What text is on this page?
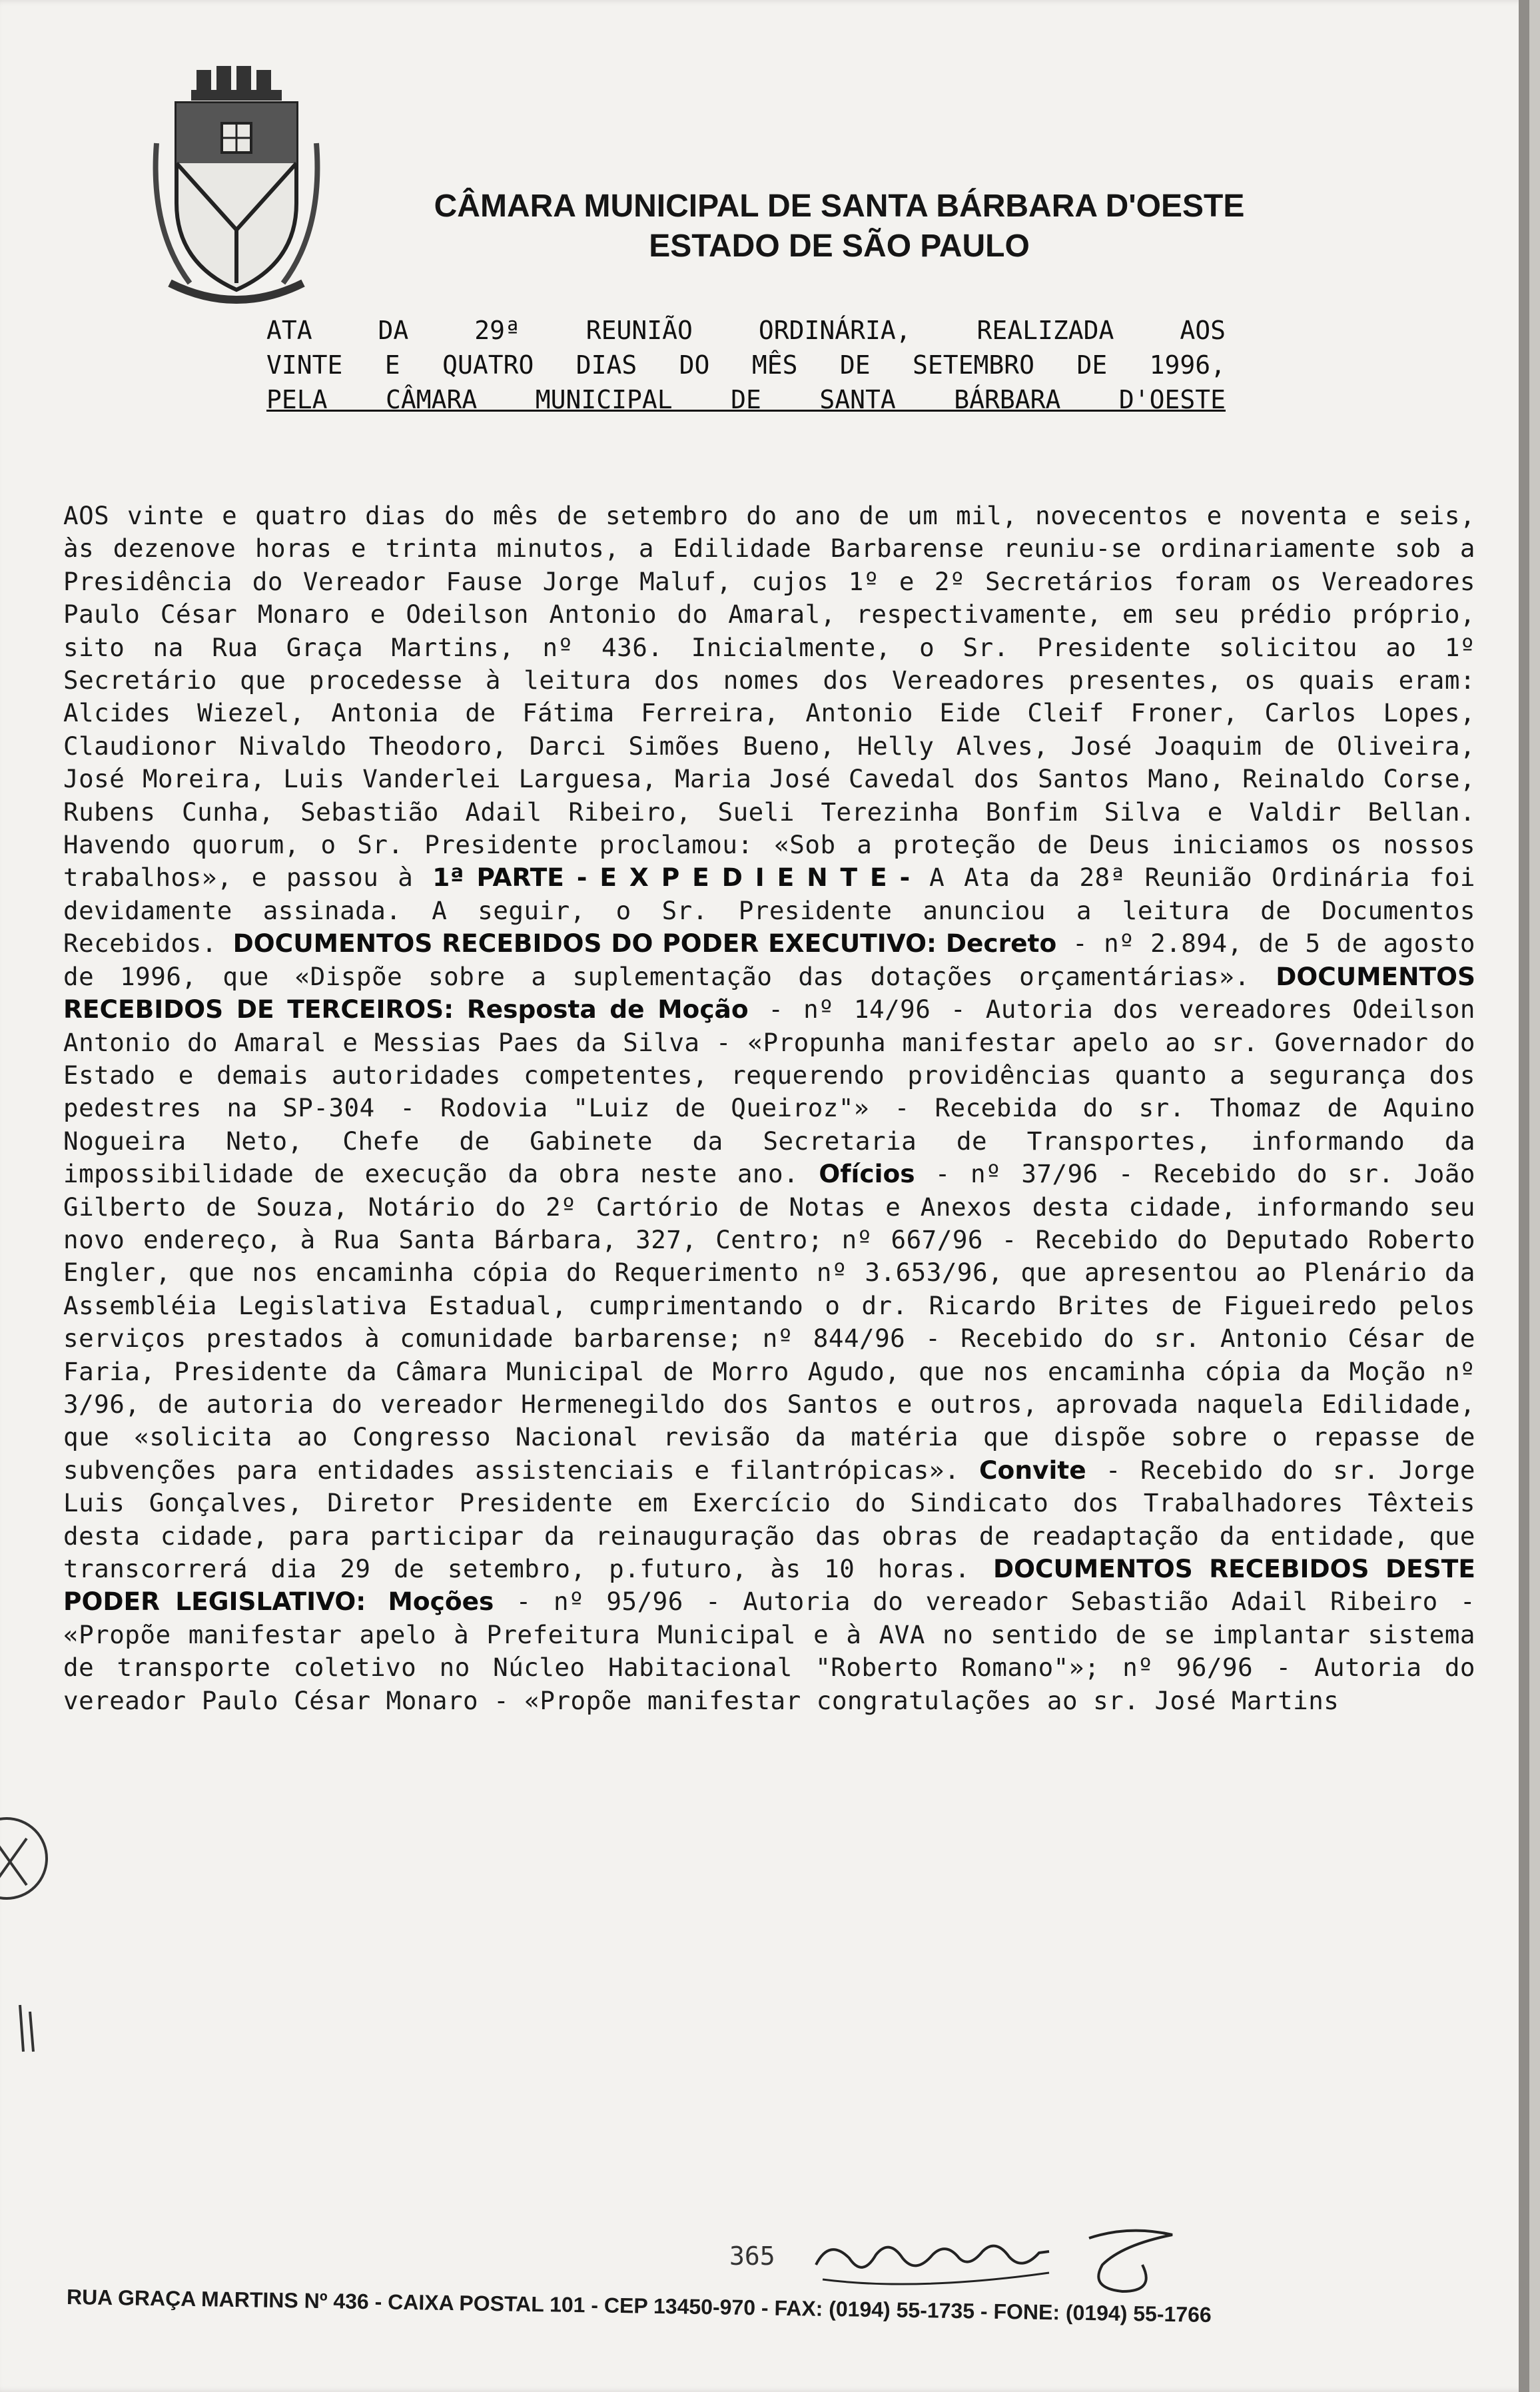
CÂMARA MUNICIPAL DE SANTA BÁRBARA D'OESTE
ESTADO DE SÃO PAULO
ATA DA 29ª REUNIÃO ORDINÁRIA, REALIZADA AOS
VINTE E QUATRO DIAS DO MÊS DE SETEMBRO DE 1996,
PELA CÂMARA MUNICIPAL DE SANTA BÁRBARA D'OESTE
AOS vinte e quatro dias do mês de setembro do ano de um mil, novecentos e noventa e seis, às dezenove horas e trinta minutos, a Edilidade Barbarense reuniu-se ordinariamente sob a Presidência do Vereador Fause Jorge Maluf, cujos 1º e 2º Secretários foram os Vereadores Paulo César Monaro e Odeilson Antonio do Amaral, respectivamente, em seu prédio próprio, sito na Rua Graça Martins, nº 436. Inicialmente, o Sr. Presidente solicitou ao 1º Secretário que procedesse à leitura dos nomes dos Vereadores presentes, os quais eram: Alcides Wiezel, Antonia de Fátima Ferreira, Antonio Eide Cleif Froner, Carlos Lopes, Claudionor Nivaldo Theodoro, Darci Simões Bueno, Helly Alves, José Joaquim de Oliveira, José Moreira, Luis Vanderlei Larguesa, Maria José Cavedal dos Santos Mano, Reinaldo Corse, Rubens Cunha, Sebastião Adail Ribeiro, Sueli Terezinha Bonfim Silva e Valdir Bellan. Havendo quorum, o Sr. Presidente proclamou: «Sob a proteção de Deus iniciamos os nossos trabalhos», e passou à 1ª PARTE - E X P E D I E N T E - A Ata da 28ª Reunião Ordinária foi devidamente assinada. A seguir, o Sr. Presidente anunciou a leitura de Documentos Recebidos. DOCUMENTOS RECEBIDOS DO PODER EXECUTIVO: Decreto - nº 2.894, de 5 de agosto de 1996, que «Dispõe sobre a suplementação das dotações orçamentárias». DOCUMENTOS RECEBIDOS DE TERCEIROS: Resposta de Moção - nº 14/96 - Autoria dos vereadores Odeilson Antonio do Amaral e Messias Paes da Silva - «Propunha manifestar apelo ao sr. Governador do Estado e demais autoridades competentes, requerendo providências quanto a segurança dos pedestres na SP-304 - Rodovia "Luiz de Queiroz"» - Recebida do sr. Thomaz de Aquino Nogueira Neto, Chefe de Gabinete da Secretaria de Transportes, informando da impossibilidade de execução da obra neste ano. Ofícios - nº 37/96 - Recebido do sr. João Gilberto de Souza, Notário do 2º Cartório de Notas e Anexos desta cidade, informando seu novo endereço, à Rua Santa Bárbara, 327, Centro; nº 667/96 - Recebido do Deputado Roberto Engler, que nos encaminha cópia do Requerimento nº 3.653/96, que apresentou ao Plenário da Assembléia Legislativa Estadual, cumprimentando o dr. Ricardo Brites de Figueiredo pelos serviços prestados à comunidade barbarense; nº 844/96 - Recebido do sr. Antonio César de Faria, Presidente da Câmara Municipal de Morro Agudo, que nos encaminha cópia da Moção nº 3/96, de autoria do vereador Hermenegildo dos Santos e outros, aprovada naquela Edilidade, que «solicita ao Congresso Nacional revisão da matéria que dispõe sobre o repasse de subvenções para entidades assistenciais e filantrópicas». Convite - Recebido do sr. Jorge Luis Gonçalves, Diretor Presidente em Exercício do Sindicato dos Trabalhadores Têxteis desta cidade, para participar da reinauguração das obras de readaptação da entidade, que transcorrerá dia 29 de setembro, p.futuro, às 10 horas. DOCUMENTOS RECEBIDOS DESTE PODER LEGISLATIVO: Moções - nº 95/96 - Autoria do vereador Sebastião Adail Ribeiro - «Propõe manifestar apelo à Prefeitura Municipal e à AVA no sentido de se implantar sistema de transporte coletivo no Núcleo Habitacional "Roberto Romano"»; nº 96/96 - Autoria do vereador Paulo César Monaro - «Propõe manifestar congratulações ao sr. José Martins
365
RUA GRAÇA MARTINS Nº 436 - CAIXA POSTAL 101 - CEP 13450-970 - FAX: (0194) 55-1735 - FONE: (0194) 55-1766
